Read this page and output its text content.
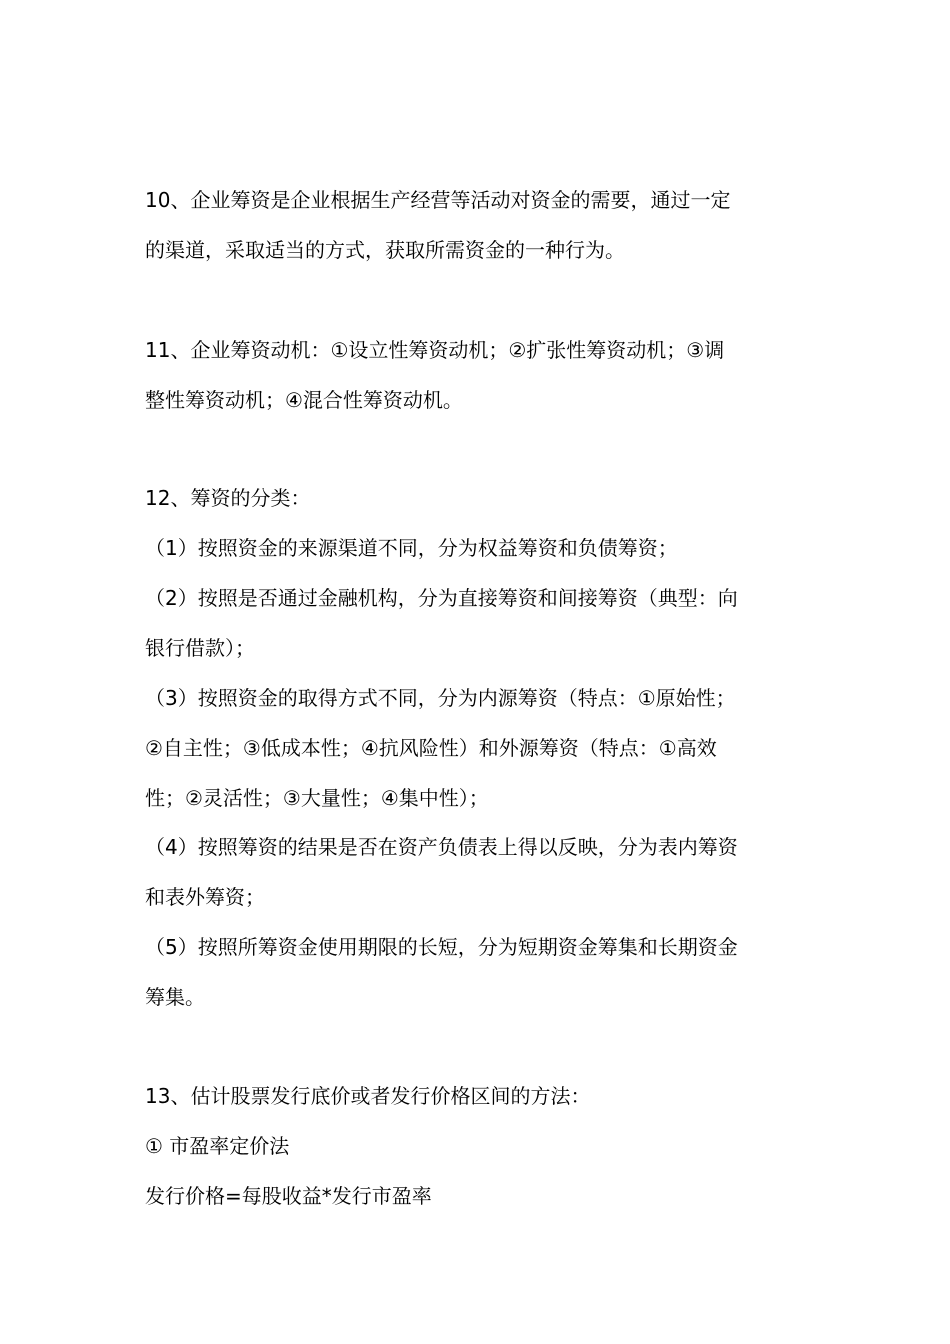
10、企业筹资是企业根据生产经营等活动对资金的需要，通过一定
的渠道，采取适当的方式，获取所需资金的一种行为。
11、企业筹资动机：①设立性筹资动机；②扩张性筹资动机；③调
整性筹资动机；④混合性筹资动机。
12、筹资的分类：
（1）按照资金的来源渠道不同，分为权益筹资和负债筹资；
（2）按照是否通过金融机构，分为直接筹资和间接筹资（典型：向
银行借款）；
（3）按照资金的取得方式不同，分为内源筹资（特点：①原始性；
②自主性；③低成本性；④抗风险性）和外源筹资（特点：①高效
性；②灵活性；③大量性；④集中性）；
（4）按照筹资的结果是否在资产负债表上得以反映，分为表内筹资
和表外筹资；
（5）按照所筹资金使用期限的长短，分为短期资金筹集和长期资金
筹集。
13、估计股票发行底价或者发行价格区间的方法：
① 市盈率定价法
发行价格=每股收益*发行市盈率
